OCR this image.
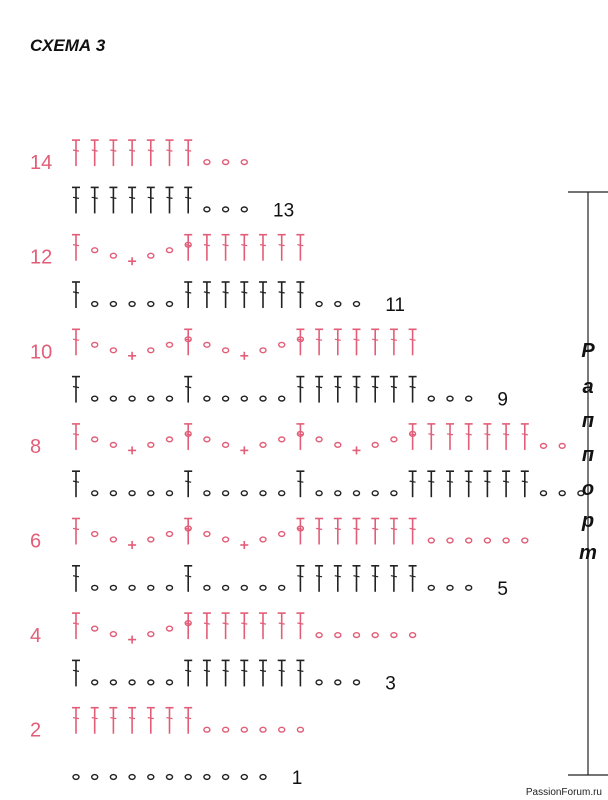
СХЕМА 3
1
2
3
4
5
6
8
9
10
11
12
13
14
Р
а
п
п
о
р
т
PassionForum.ru
